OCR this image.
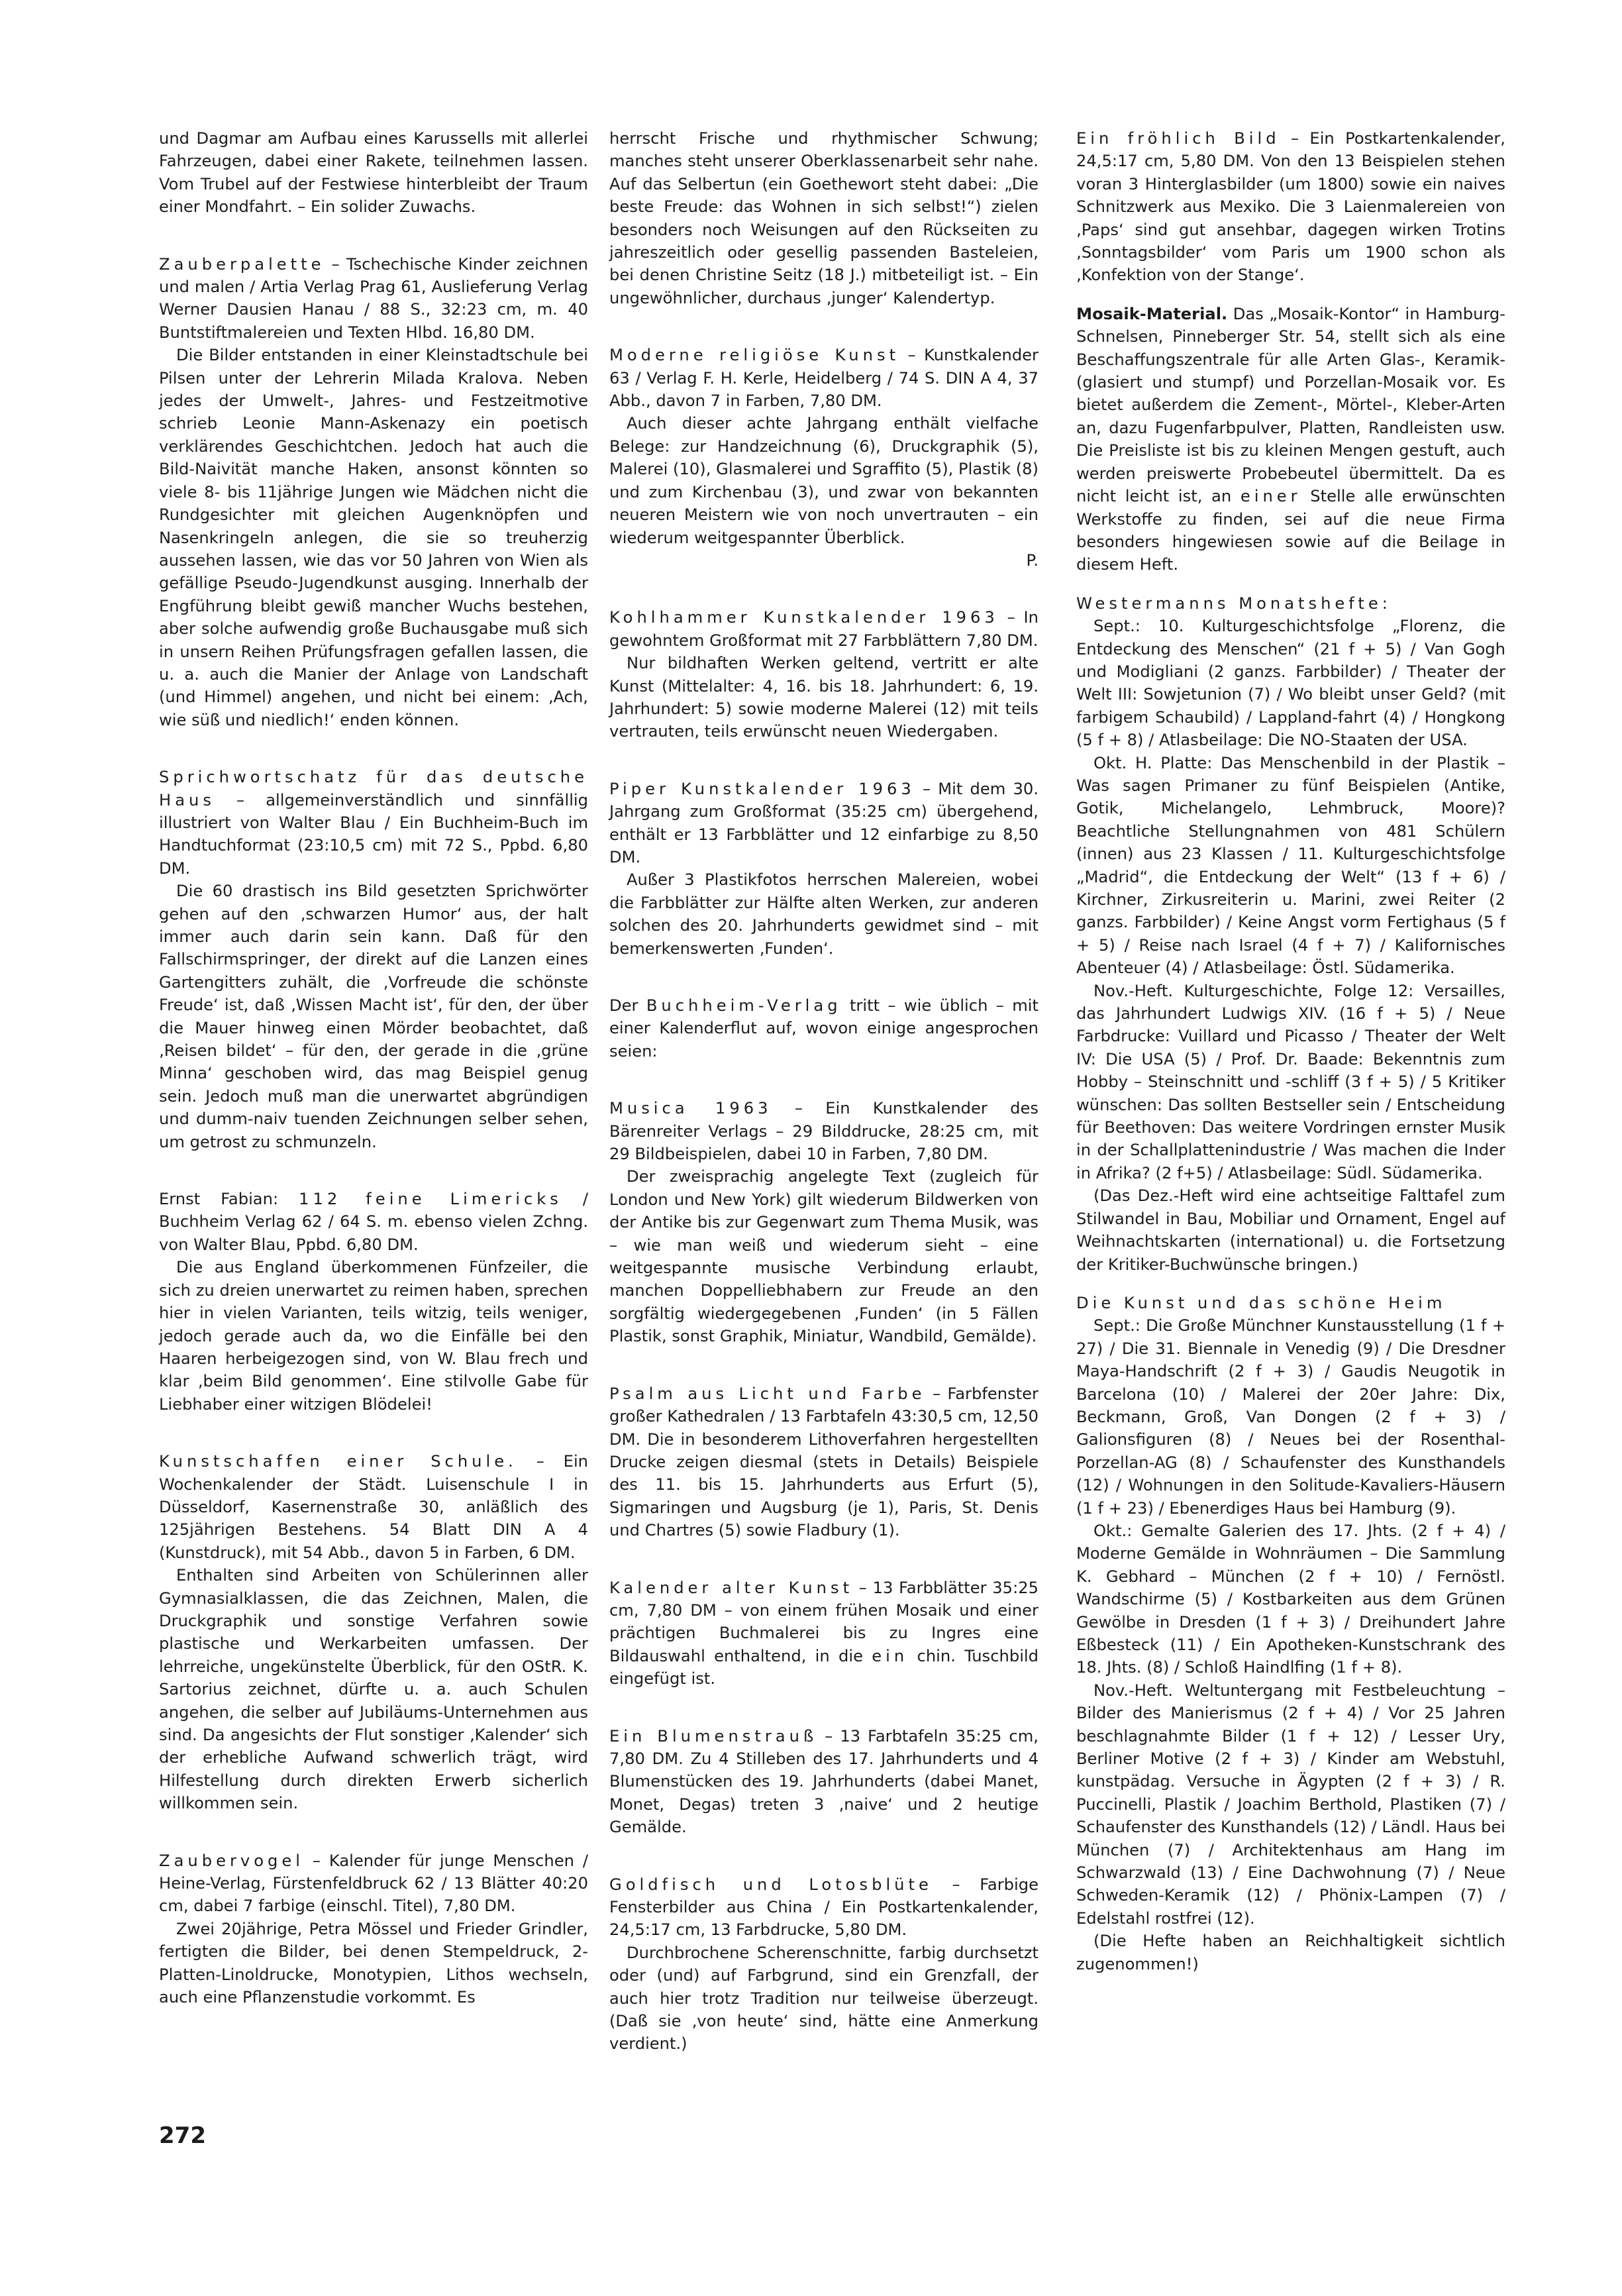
und Dagmar am Aufbau eines Karussells mit allerlei Fahrzeugen, dabei einer Rakete, teilnehmen lassen. Vom Trubel auf der Festwiese hinterbleibt der Traum einer Mondfahrt. – Ein solider Zuwachs.

Zauberpalette – Tschechische Kinder zeichnen und malen / Artia Verlag Prag 61, Auslieferung Verlag Werner Dausien Hanau / 88 S., 32:23 cm, m. 40 Buntstiftmalereien und Texten Hlbd. 16,80 DM.

Die Bilder entstanden in einer Kleinstadtschule bei Pilsen unter der Lehrerin Milada Kralova. Neben jedes der Umwelt-, Jahres- und Festzeitmotive schrieb Leonie Mann-Askenazy ein poetisch verklärendes Geschichtchen. Jedoch hat auch die Bild-Naivität manche Haken, ansonst könnten so viele 8- bis 11jährige Jungen wie Mädchen nicht die Rundgesichter mit gleichen Augenknöpfen und Nasenkringeln anlegen, die sie so treuherzig aussehen lassen, wie das vor 50 Jahren von Wien als gefällige Pseudo-Jugendkunst ausging. Innerhalb der Engführung bleibt gewiß mancher Wuchs bestehen, aber solche aufwendig große Buchausgabe muß sich in unsern Reihen Prüfungsfragen gefallen lassen, die u. a. auch die Manier der Anlage von Landschaft (und Himmel) angehen, und nicht bei einem: ‚Ach, wie süß und niedlich!‘ enden können.

Sprichwortschatz für das deutsche Haus – allgemeinverständlich und sinnfällig illustriert von Walter Blau / Ein Buchheim-Buch im Handtuchformat (23:10,5 cm) mit 72 S., Ppbd. 6,80 DM.

Die 60 drastisch ins Bild gesetzten Sprichwörter gehen auf den ‚schwarzen Humor‘ aus, der halt immer auch darin sein kann. Daß für den Fallschirmspringer, der direkt auf die Lanzen eines Gartengitters zuhält, die ‚Vorfreude die schönste Freude‘ ist, daß ‚Wissen Macht ist‘, für den, der über die Mauer hinweg einen Mörder beobachtet, daß ‚Reisen bildet‘ – für den, der gerade in die ‚grüne Minna‘ geschoben wird, das mag Beispiel genug sein. Jedoch muß man die unerwartet abgründigen und dumm-naiv tuenden Zeichnungen selber sehen, um getrost zu schmunzeln.

Ernst Fabian: 112 feine Limericks / Buchheim Verlag 62 / 64 S. m. ebenso vielen Zchng. von Walter Blau, Ppbd. 6,80 DM.

Die aus England überkommenen Fünfzeiler, die sich zu dreien unerwartet zu reimen haben, sprechen hier in vielen Varianten, teils witzig, teils weniger, jedoch gerade auch da, wo die Einfälle bei den Haaren herbeigezogen sind, von W. Blau frech und klar ‚beim Bild genommen‘. Eine stilvolle Gabe für Liebhaber einer witzigen Blödelei!

Kunstschaffen einer Schule. – Ein Wochenkalender der Städt. Luisenschule I in Düsseldorf, Kasernenstraße 30, anläßlich des 125jährigen Bestehens. 54 Blatt DIN A 4 (Kunstdruck), mit 54 Abb., davon 5 in Farben, 6 DM.

Enthalten sind Arbeiten von Schülerinnen aller Gymnasialklassen, die das Zeichnen, Malen, die Druckgraphik und sonstige Verfahren sowie plastische und Werkarbeiten umfassen. Der lehrreiche, ungekünstelte Überblick, für den OStR. K. Sartorius zeichnet, dürfte u. a. auch Schulen angehen, die selber auf Jubiläums-Unternehmen aus sind. Da angesichts der Flut sonstiger ‚Kalender‘ sich der erhebliche Aufwand schwerlich trägt, wird Hilfestellung durch direkten Erwerb sicherlich willkommen sein.

Zaubervogel – Kalender für junge Menschen / Heine-Verlag, Fürstenfeldbruck 62 / 13 Blätter 40:20 cm, dabei 7 farbige (einschl. Titel), 7,80 DM.

Zwei 20jährige, Petra Mössel und Frieder Grindler, fertigten die Bilder, bei denen Stempeldruck, 2-Platten-Linoldrucke, Monotypien, Lithos wechseln, auch eine Pflanzenstudie vorkommt. Es

herrscht Frische und rhythmischer Schwung; manches steht unserer Oberklassenarbeit sehr nahe. Auf das Selbertun (ein Goethewort steht dabei: „Die beste Freude: das Wohnen in sich selbst!“) zielen besonders noch Weisungen auf den Rückseiten zu jahreszeitlich oder gesellig passenden Basteleien, bei denen Christine Seitz (18 J.) mitbeteiligt ist. – Ein ungewöhnlicher, durchaus ‚junger‘ Kalendertyp.

Moderne religiöse Kunst – Kunstkalender 63 / Verlag F. H. Kerle, Heidelberg / 74 S. DIN A 4, 37 Abb., davon 7 in Farben, 7,80 DM.

Auch dieser achte Jahrgang enthält vielfache Belege: zur Handzeichnung (6), Druckgraphik (5), Malerei (10), Glasmalerei und Sgraffito (5), Plastik (8) und zum Kirchenbau (3), und zwar von bekannten neueren Meistern wie von noch unvertrauten – ein wiederum weitgespannter Überblick.

P.

Kohlhammer Kunstkalender 1963 – In gewohntem Großformat mit 27 Farbblättern 7,80 DM.

Nur bildhaften Werken geltend, vertritt er alte Kunst (Mittelalter: 4, 16. bis 18. Jahrhundert: 6, 19. Jahrhundert: 5) sowie moderne Malerei (12) mit teils vertrauten, teils erwünscht neuen Wiedergaben.

Piper Kunstkalender 1963 – Mit dem 30. Jahrgang zum Großformat (35:25 cm) übergehend, enthält er 13 Farbblätter und 12 einfarbige zu 8,50 DM.

Außer 3 Plastikfotos herrschen Malereien, wobei die Farbblätter zur Hälfte alten Werken, zur anderen solchen des 20. Jahrhunderts gewidmet sind – mit bemerkenswerten ‚Funden‘.

Der Buchheim-Verlag tritt – wie üblich – mit einer Kalenderflut auf, wovon einige angesprochen seien:

Musica 1963 – Ein Kunstkalender des Bärenreiter Verlags – 29 Bilddrucke, 28:25 cm, mit 29 Bildbeispielen, dabei 10 in Farben, 7,80 DM.

Der zweisprachig angelegte Text (zugleich für London und New York) gilt wiederum Bildwerken von der Antike bis zur Gegenwart zum Thema Musik, was – wie man weiß und wiederum sieht – eine weitgespannte musische Verbindung erlaubt, manchen Doppelliebhabern zur Freude an den sorgfältig wiedergegebenen ‚Funden‘ (in 5 Fällen Plastik, sonst Graphik, Miniatur, Wandbild, Gemälde).

Psalm aus Licht und Farbe – Farbfenster großer Kathedralen / 13 Farbtafeln 43:30,5 cm, 12,50 DM. Die in besonderem Lithoverfahren hergestellten Drucke zeigen diesmal (stets in Details) Beispiele des 11. bis 15. Jahrhunderts aus Erfurt (5), Sigmaringen und Augsburg (je 1), Paris, St. Denis und Chartres (5) sowie Fladbury (1).

Kalender alter Kunst – 13 Farbblätter 35:25 cm, 7,80 DM – von einem frühen Mosaik und einer prächtigen Buchmalerei bis zu Ingres eine Bildauswahl enthaltend, in die ein chin. Tuschbild eingefügt ist.

Ein Blumenstrauß – 13 Farbtafeln 35:25 cm, 7,80 DM. Zu 4 Stilleben des 17. Jahrhunderts und 4 Blumenstücken des 19. Jahrhunderts (dabei Manet, Monet, Degas) treten 3 ‚naive‘ und 2 heutige Gemälde.

Goldfisch und Lotosblüte – Farbige Fensterbilder aus China / Ein Postkartenkalender, 24,5:17 cm, 13 Farbdrucke, 5,80 DM.

Durchbrochene Scherenschnitte, farbig durchsetzt oder (und) auf Farbgrund, sind ein Grenzfall, der auch hier trotz Tradition nur teilweise überzeugt. (Daß sie ‚von heute‘ sind, hätte eine Anmerkung verdient.)

Ein fröhlich Bild – Ein Postkartenkalender, 24,5:17 cm, 5,80 DM. Von den 13 Beispielen stehen voran 3 Hinterglasbilder (um 1800) sowie ein naives Schnitzwerk aus Mexiko. Die 3 Laienmalereien von ‚Paps‘ sind gut ansehbar, dagegen wirken Trotins ‚Sonntagsbilder‘ vom Paris um 1900 schon als ‚Konfektion von der Stange‘.

Mosaik-Material. Das „Mosaik-Kontor“ in Hamburg-Schnelsen, Pinneberger Str. 54, stellt sich als eine Beschaffungszentrale für alle Arten Glas-, Keramik- (glasiert und stumpf) und Porzellan-Mosaik vor. Es bietet außerdem die Zement-, Mörtel-, Kleber-Arten an, dazu Fugenfarbpulver, Platten, Randleisten usw. Die Preisliste ist bis zu kleinen Mengen gestuft, auch werden preiswerte Probebeutel übermittelt. Da es nicht leicht ist, an einer Stelle alle erwünschten Werkstoffe zu finden, sei auf die neue Firma besonders hingewiesen sowie auf die Beilage in diesem Heft.

Westermanns Monatshefte:

Sept.: 10. Kulturgeschichtsfolge „Florenz, die Entdeckung des Menschen“ (21 f + 5) / Van Gogh und Modigliani (2 ganzs. Farbbilder) / Theater der Welt III: Sowjetunion (7) / Wo bleibt unser Geld? (mit farbigem Schaubild) / Lappland-fahrt (4) / Hongkong (5 f + 8) / Atlasbeilage: Die NO-Staaten der USA.

Okt. H. Platte: Das Menschenbild in der Plastik – Was sagen Primaner zu fünf Beispielen (Antike, Gotik, Michelangelo, Lehmbruck, Moore)? Beachtliche Stellungnahmen von 481 Schülern (innen) aus 23 Klassen / 11. Kulturgeschichtsfolge „Madrid“, die Entdeckung der Welt“ (13 f + 6) / Kirchner, Zirkusreiterin u. Marini, zwei Reiter (2 ganzs. Farbbilder) / Keine Angst vorm Fertighaus (5 f + 5) / Reise nach Israel (4 f + 7) / Kalifornisches Abenteuer (4) / Atlasbeilage: Östl. Südamerika.

Nov.-Heft. Kulturgeschichte, Folge 12: Versailles, das Jahrhundert Ludwigs XIV. (16 f + 5) / Neue Farbdrucke: Vuillard und Picasso / Theater der Welt IV: Die USA (5) / Prof. Dr. Baade: Bekenntnis zum Hobby – Steinschnitt und -schliff (3 f + 5) / 5 Kritiker wünschen: Das sollten Bestseller sein / Entscheidung für Beethoven: Das weitere Vordringen ernster Musik in der Schallplattenindustrie / Was machen die Inder in Afrika? (2 f+5) / Atlasbeilage: Südl. Südamerika.

(Das Dez.-Heft wird eine achtseitige Falttafel zum Stilwandel in Bau, Mobiliar und Ornament, Engel auf Weihnachtskarten (international) u. die Fortsetzung der Kritiker-Buchwünsche bringen.)

Die Kunst und das schöne Heim

Sept.: Die Große Münchner Kunstausstellung (1 f + 27) / Die 31. Biennale in Venedig (9) / Die Dresdner Maya-Handschrift (2 f + 3) / Gaudis Neugotik in Barcelona (10) / Malerei der 20er Jahre: Dix, Beckmann, Groß, Van Dongen (2 f + 3) / Galionsfiguren (8) / Neues bei der Rosenthal-Porzellan-AG (8) / Schaufenster des Kunsthandels (12) / Wohnungen in den Solitude-Kavaliers-Häusern (1 f + 23) / Ebenerdiges Haus bei Hamburg (9).

Okt.: Gemalte Galerien des 17. Jhts. (2 f + 4) / Moderne Gemälde in Wohnräumen – Die Sammlung K. Gebhard – München (2 f + 10) / Fernöstl. Wandschirme (5) / Kostbarkeiten aus dem Grünen Gewölbe in Dresden (1 f + 3) / Dreihundert Jahre Eßbesteck (11) / Ein Apotheken-Kunstschrank des 18. Jhts. (8) / Schloß Haindlfing (1 f + 8).

Nov.-Heft. Weltuntergang mit Festbeleuchtung – Bilder des Manierismus (2 f + 4) / Vor 25 Jahren beschlagnahmte Bilder (1 f + 12) / Lesser Ury, Berliner Motive (2 f + 3) / Kinder am Webstuhl, kunstpädag. Versuche in Ägypten (2 f + 3) / R. Puccinelli, Plastik / Joachim Berthold, Plastiken (7) / Schaufenster des Kunsthandels (12) / Ländl. Haus bei München (7) / Architektenhaus am Hang im Schwarzwald (13) / Eine Dachwohnung (7) / Neue Schweden-Keramik (12) / Phönix-Lampen (7) / Edelstahl rostfrei (12).

(Die Hefte haben an Reichhaltigkeit sichtlich zugenommen!)

272
